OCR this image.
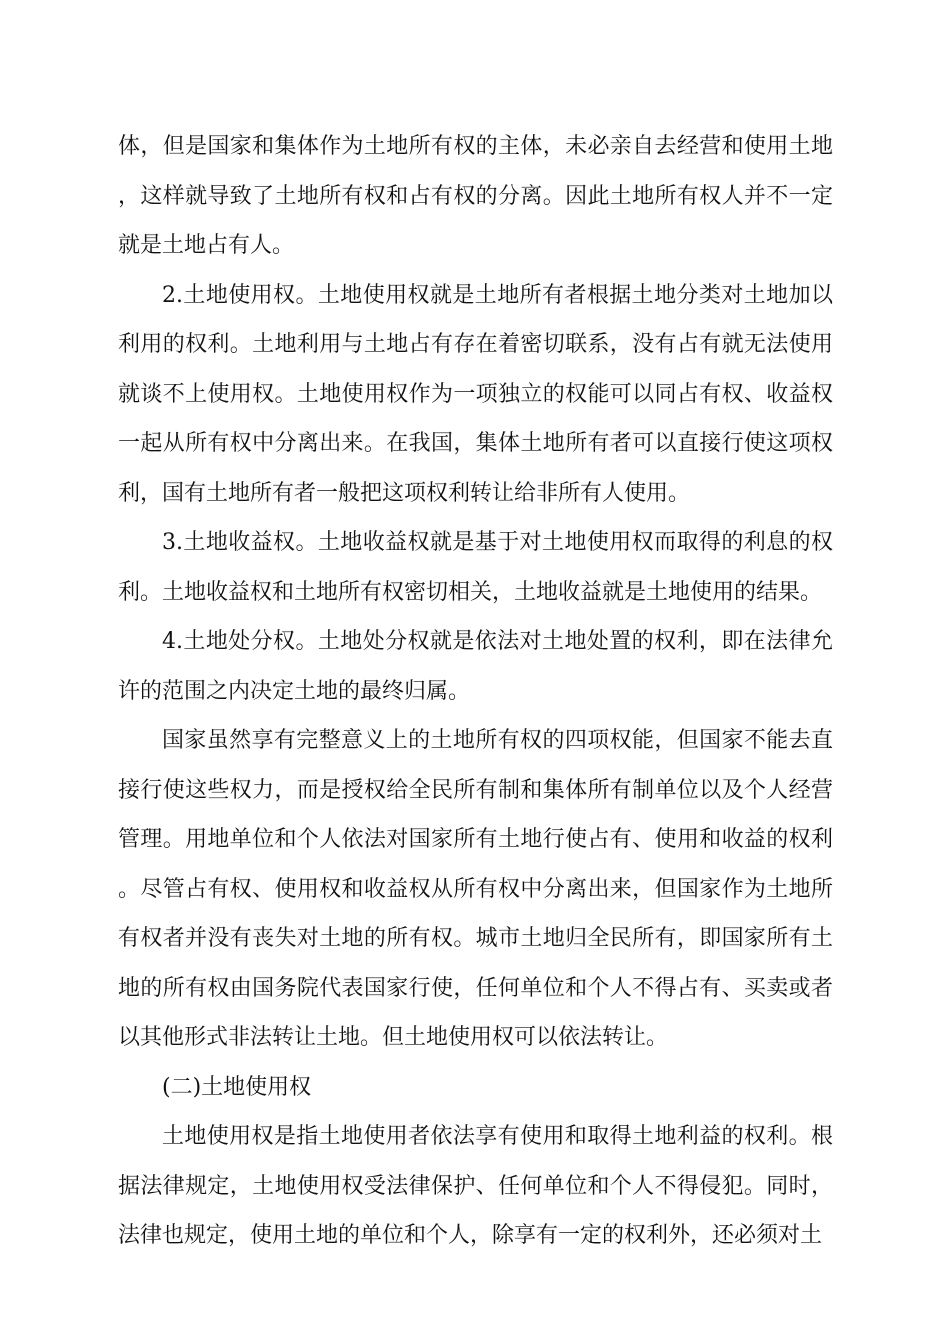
体，但是国家和集体作为土地所有权的主体，未必亲自去经营和使用土地，这样就导致了土地所有权和占有权的分离。因此土地所有权人并不一定就是土地占有人。

2.土地使用权。土地使用权就是土地所有者根据土地分类对土地加以利用的权利。土地利用与土地占有存在着密切联系，没有占有就无法使用就谈不上使用权。土地使用权作为一项独立的权能可以同占有权、收益权一起从所有权中分离出来。在我国，集体土地所有者可以直接行使这项权利，国有土地所有者一般把这项权利转让给非所有人使用。

3.土地收益权。土地收益权就是基于对土地使用权而取得的利息的权利。土地收益权和土地所有权密切相关，土地收益就是土地使用的结果。

4.土地处分权。土地处分权就是依法对土地处置的权利，即在法律允许的范围之内决定土地的最终归属。

国家虽然享有完整意义上的土地所有权的四项权能，但国家不能去直接行使这些权力，而是授权给全民所有制和集体所有制单位以及个人经营管理。用地单位和个人依法对国家所有土地行使占有、使用和收益的权利。尽管占有权、使用权和收益权从所有权中分离出来，但国家作为土地所有权者并没有丧失对土地的所有权。城市土地归全民所有，即国家所有土地的所有权由国务院代表国家行使，任何单位和个人不得占有、买卖或者以其他形式非法转让土地。但土地使用权可以依法转让。

(二)土地使用权

土地使用权是指土地使用者依法享有使用和取得土地利益的权利。根据法律规定，土地使用权受法律保护、任何单位和个人不得侵犯。同时，法律也规定，使用土地的单位和个人，除享有一定的权利外，还必须对土
